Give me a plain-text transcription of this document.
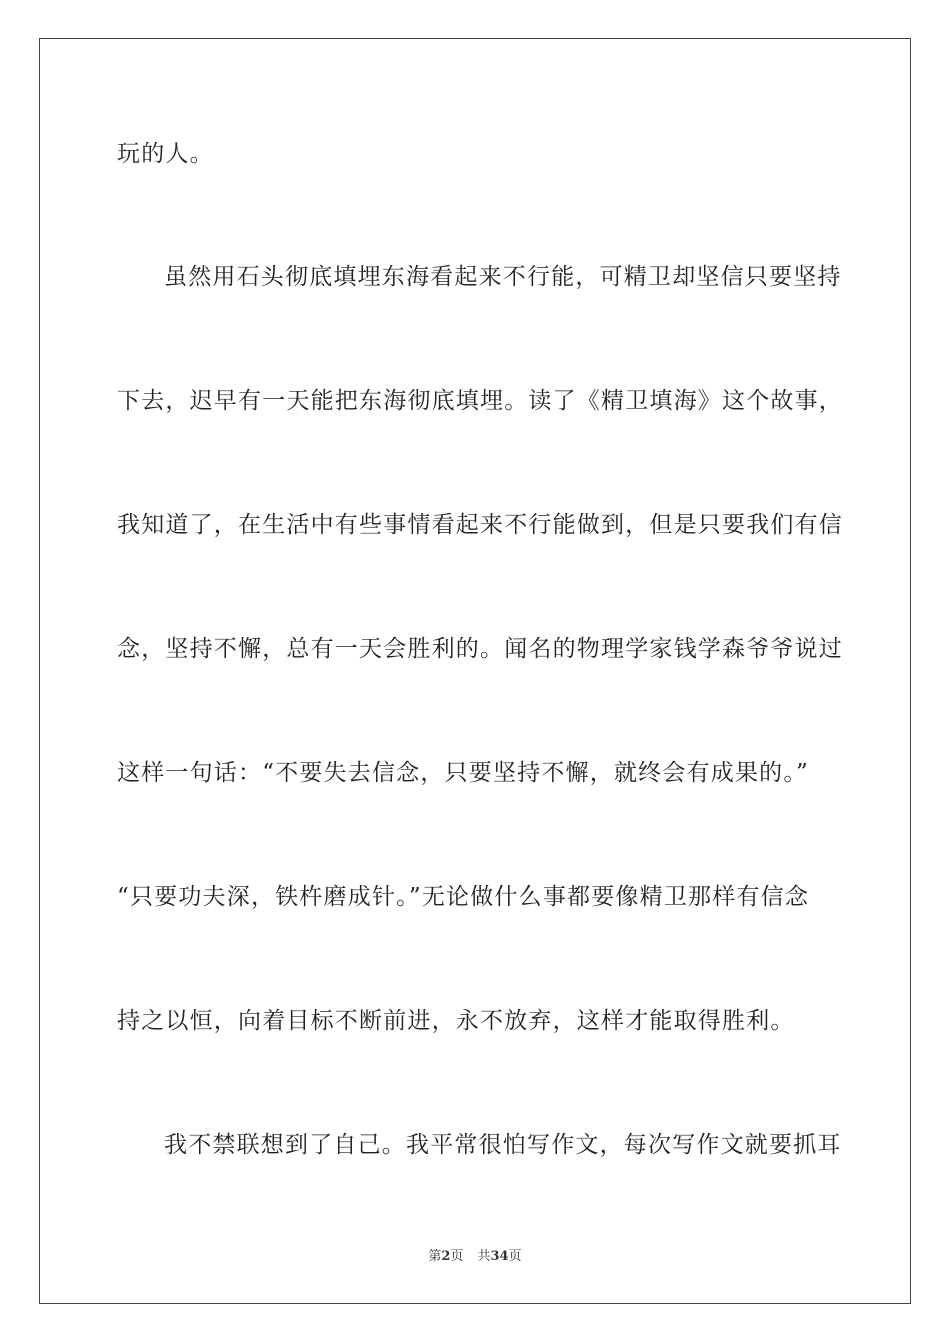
玩的人。
虽然用石头彻底填埋东海看起来不行能，可精卫却坚信只要坚持
下去，迟早有一天能把东海彻底填埋。读了《精卫填海》这个故事，
我知道了，在生活中有些事情看起来不行能做到，但是只要我们有信
念，坚持不懈，总有一天会胜利的。闻名的物理学家钱学森爷爷说过
这样一句话：“不要失去信念，只要坚持不懈，就终会有成果的。”
“只要功夫深，铁杵磨成针。”无论做什么事都要像精卫那样有信念
持之以恒，向着目标不断前进，永不放弃，这样才能取得胜利。
我不禁联想到了自己。我平常很怕写作文，每次写作文就要抓耳
第2页 共34页
